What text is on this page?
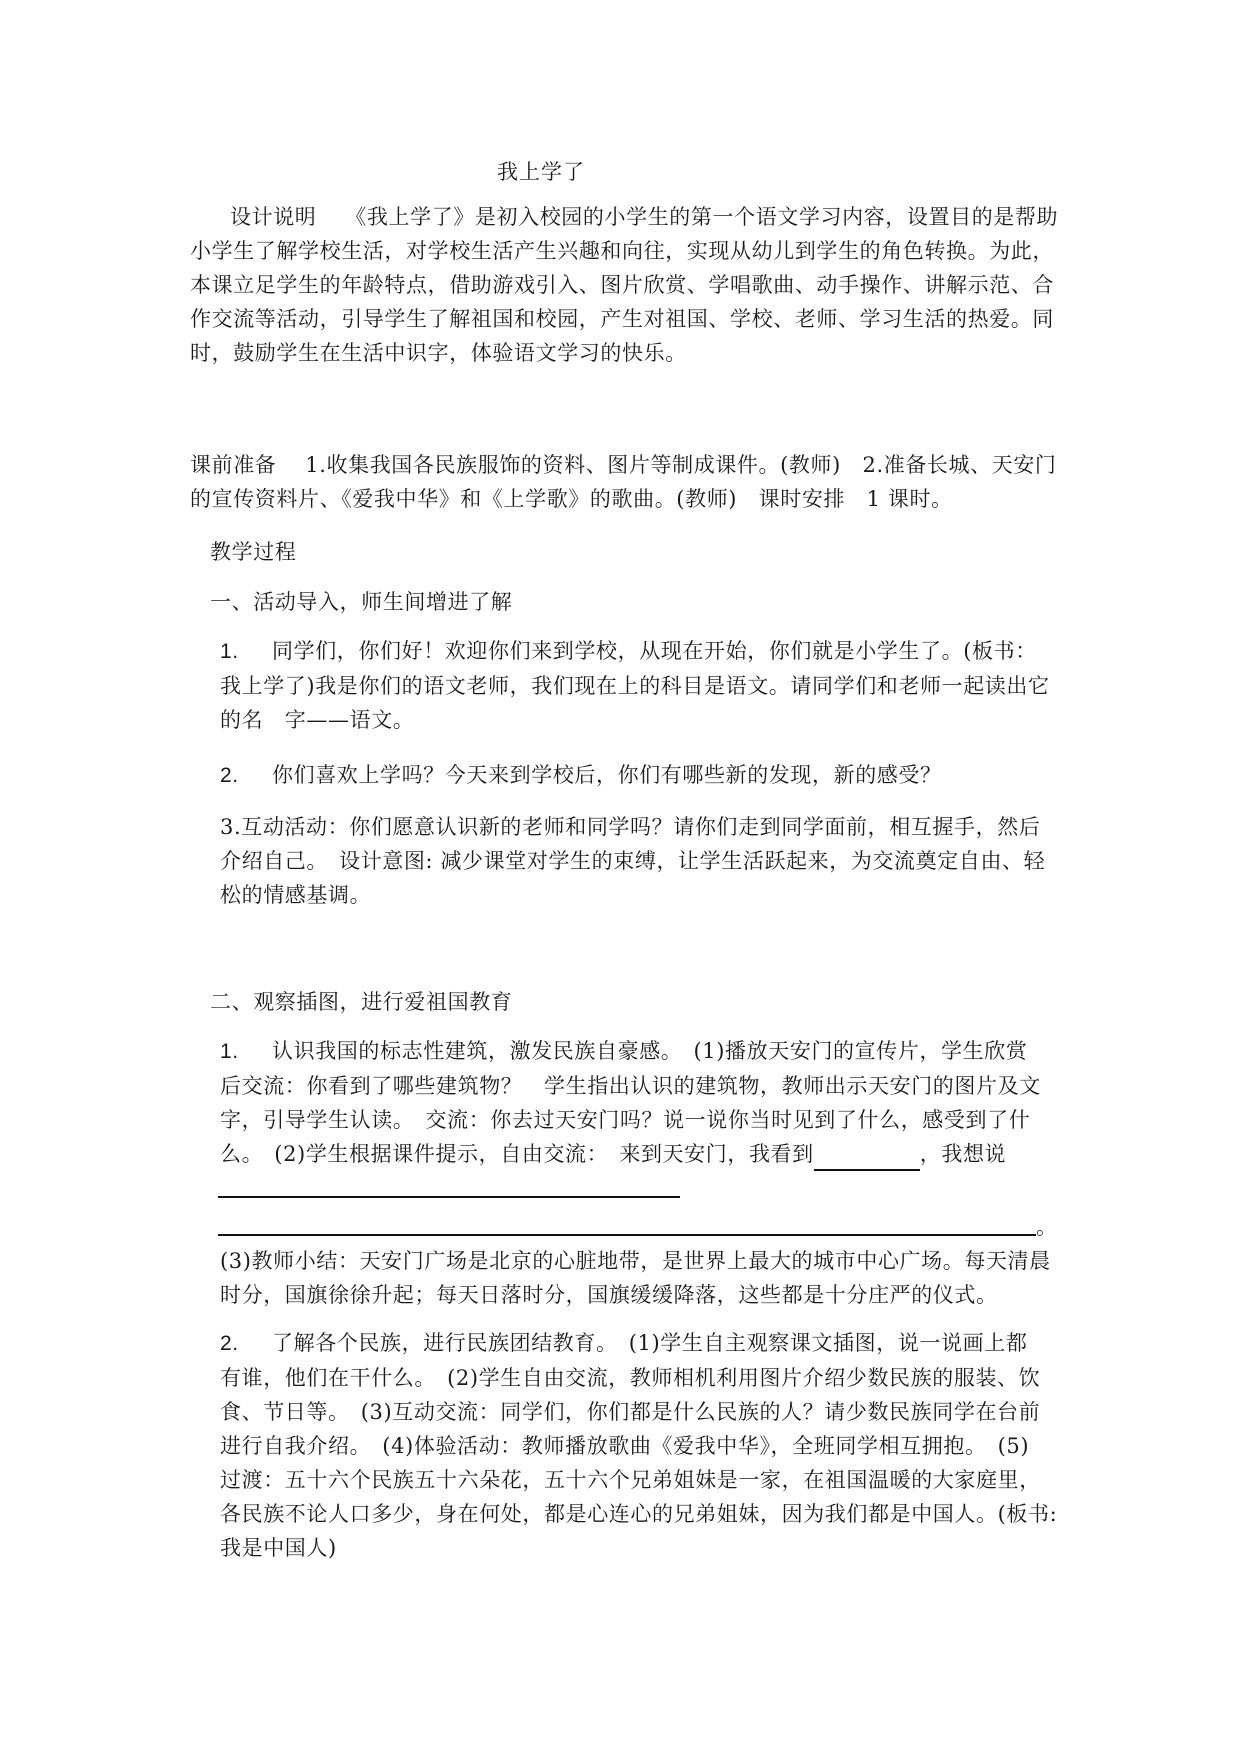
我上学了
设计说明　 《我上学了》是初入校园的小学生的第一个语文学习内容，设置目的是帮助
小学生了解学校生活，对学校生活产生兴趣和向往，实现从幼儿到学生的角色转换。为此，
本课立足学生的年龄特点，借助游戏引入、图片欣赏、学唱歌曲、动手操作、讲解示范、合
作交流等活动，引导学生了解祖国和校园，产生对祖国、学校、老师、学习生活的热爱。同
时，鼓励学生在生活中识字，体验语文学习的快乐。
课前准备 　1.收集我国各民族服饰的资料、图片等制成课件。(教师)　2.准备长城、天安门
的宣传资料片、《爱我中华》和《上学歌》的歌曲。(教师)　课时安排　1 课时。
教学过程
一、活动导入，师生间增进了解
1. 同学们，你们好！欢迎你们来到学校，从现在开始，你们就是小学生了。(板书：
我上学了)我是你们的语文老师，我们现在上的科目是语文。请同学们和老师一起读出它
的名　字——语文。
2. 你们喜欢上学吗？今天来到学校后，你们有哪些新的发现，新的感受？
3.互动活动：你们愿意认识新的老师和同学吗？请你们走到同学面前，相互握手，然后
介绍自己。　设计意图: 减少课堂对学生的束缚，让学生活跃起来，为交流奠定自由、轻
松的情感基调。
二、观察插图，进行爱祖国教育
1. 认识我国的标志性建筑，激发民族自豪感。　(1)播放天安门的宣传片，学生欣赏
后交流：你看到了哪些建筑物？　学生指出认识的建筑物，教师出示天安门的图片及文
字，引导学生认读。　交流：你去过天安门吗？说一说你当时见到了什么，感受到了什
么。　(2)学生根据课件提示，自由交流：　来到天安门，我看到	，我想说
。
(3)教师小结：天安门广场是北京的心脏地带，是世界上最大的城市中心广场。每天清晨
时分，国旗徐徐升起；每天日落时分，国旗缓缓降落，这些都是十分庄严的仪式。
2. 了解各个民族，进行民族团结教育。　(1)学生自主观察课文插图，说一说画上都
有谁，他们在干什么。　(2)学生自由交流，教师相机利用图片介绍少数民族的服装、饮
食、节日等。　(3)互动交流：同学们，你们都是什么民族的人？请少数民族同学在台前
进行自我介绍。　(4)体验活动：教师播放歌曲《爱我中华》，全班同学相互拥抱。　(5)
过渡：五十六个民族五十六朵花，五十六个兄弟姐妹是一家，在祖国温暖的大家庭里，
各民族不论人口多少，身在何处，都是心连心的兄弟姐妹，因为我们都是中国人。(板书:
我是中国人)
